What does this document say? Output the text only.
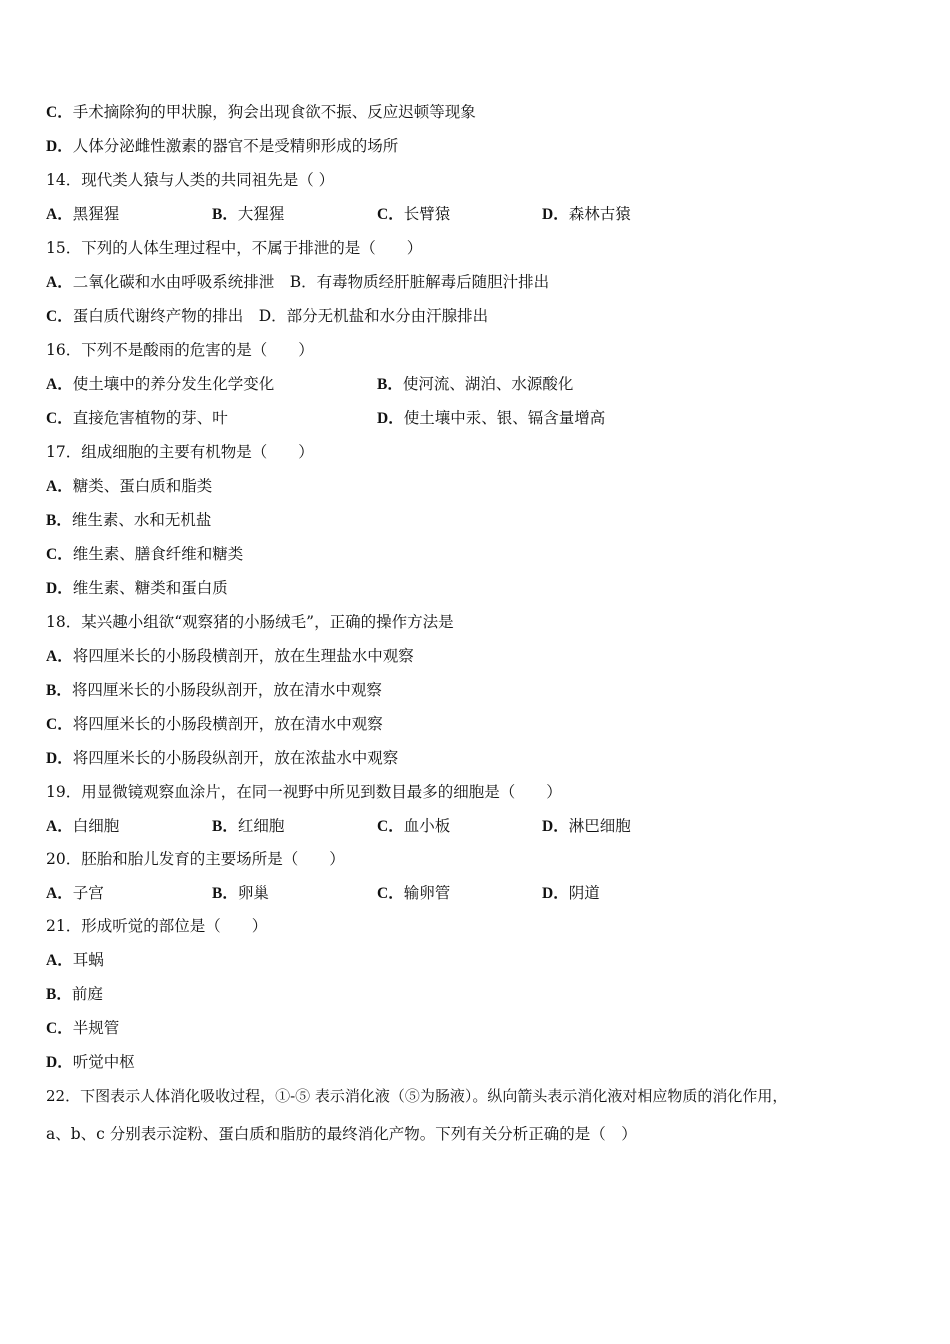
C．手术摘除狗的甲状腺，狗会出现食欲不振、反应迟顿等现象
D．人体分泌雌性激素的器官不是受精卵形成的场所
14．现代类人猿与人类的共同祖先是（ ）
A．黑猩猩	B．大猩猩	C．长臂猿	D．森林古猿
15．下列的人体生理过程中，不属于排泄的是（　　）
A．二氧化碳和水由呼吸系统排泄　B．有毒物质经肝脏解毒后随胆汁排出
C．蛋白质代谢终产物的排出　D．部分无机盐和水分由汗腺排出
16．下列不是酸雨的危害的是（　　）
A．使土壤中的养分发生化学变化	B．使河流、湖泊、水源酸化
C．直接危害植物的芽、叶	D．使土壤中汞、银、镉含量增高
17．组成细胞的主要有机物是（　　）
A．糖类、蛋白质和脂类
B．维生素、水和无机盐
C．维生素、膳食纤维和糖类
D．维生素、糖类和蛋白质
18．某兴趣小组欲“观察猪的小肠绒毛”，正确的操作方法是
A．将四厘米长的小肠段横剖开，放在生理盐水中观察
B．将四厘米长的小肠段纵剖开，放在清水中观察
C．将四厘米长的小肠段横剖开，放在清水中观察
D．将四厘米长的小肠段纵剖开，放在浓盐水中观察
19．用显微镜观察血涂片，在同一视野中所见到数目最多的细胞是（　　）
A．白细胞	B．红细胞	C．血小板	D．淋巴细胞
20．胚胎和胎儿发育的主要场所是（　　）
A．子宫	B．卵巢	C．输卵管	D．阴道
21．形成听觉的部位是（　　）
A．耳蜗
B．前庭
C．半规管
D．听觉中枢
22．下图表示人体消化吸收过程，①-⑤ 表示消化液（⑤为肠液）。纵向箭头表示消化液对相应物质的消化作用，
a、b、c 分别表示淀粉、蛋白质和脂肪的最终消化产物。下列有关分析正确的是（　）
